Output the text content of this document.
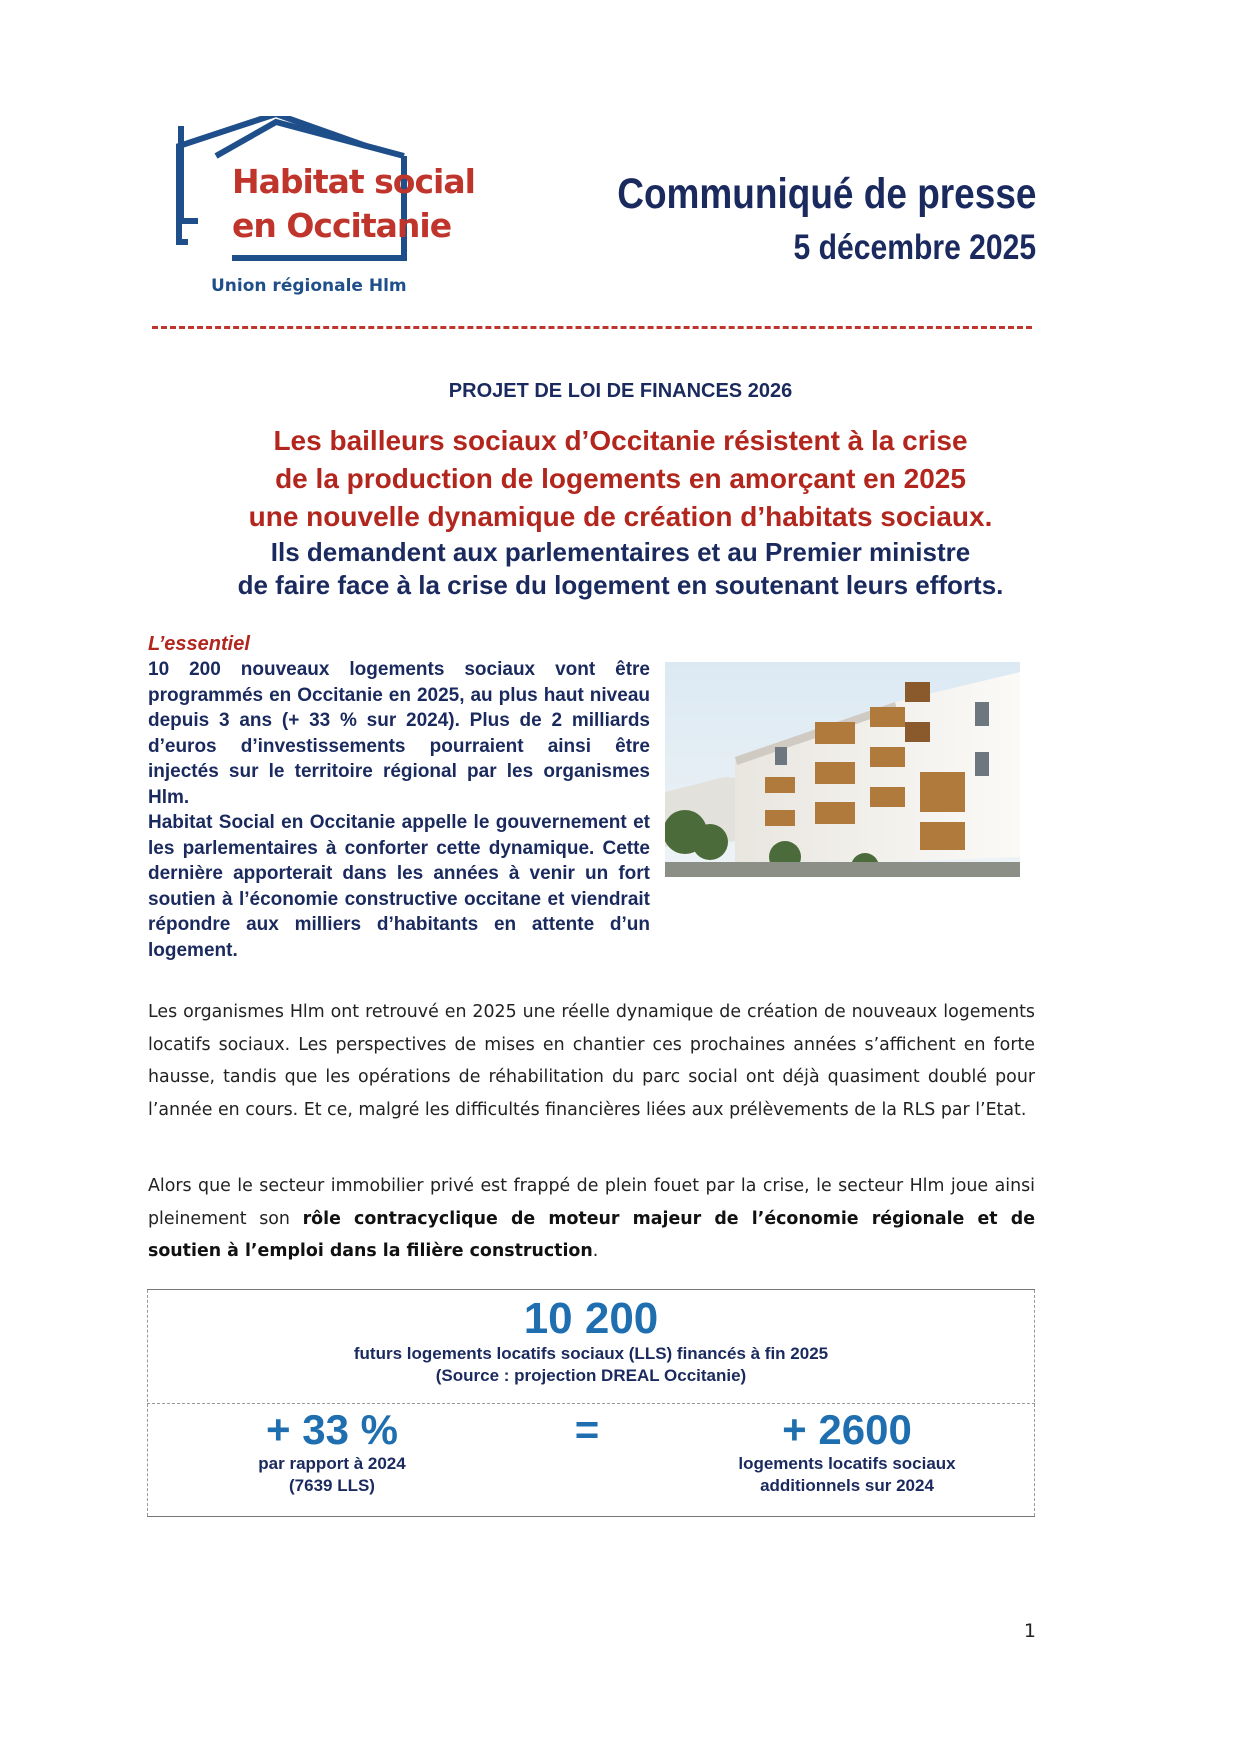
Habitat social
en Occitanie
Union régionale Hlm
Communiqué de presse
5 décembre 2025
PROJET DE LOI DE FINANCES 2026
Les bailleurs sociaux d’Occitanie résistent à la crise
de la production de logements en amorçant en 2025
une nouvelle dynamique de création d’habitats sociaux.
Ils demandent aux parlementaires et au Premier ministre
de faire face à la crise du logement en soutenant leurs efforts.
L’essentiel

10 200 nouveaux logements sociaux vont être programmés en Occitanie en 2025, au plus haut niveau depuis 3 ans (+ 33 % sur 2024). Plus de 2 milliards d’euros d’investissements pourraient ainsi être injectés sur le territoire régional par les organismes Hlm.

Habitat Social en Occitanie appelle le gouvernement et les parlementaires à conforter cette dynamique. Cette dernière apporterait dans les années à venir un fort soutien à l’économie constructive occitane et viendrait répondre aux milliers d’habitants en attente d’un logement.

Les organismes Hlm ont retrouvé en 2025 une réelle dynamique de création de nouveaux logements locatifs sociaux. Les perspectives de mises en chantier ces prochaines années s’affichent en forte hausse, tandis que les opérations de réhabilitation du parc social ont déjà quasiment doublé pour l’année en cours. Et ce, malgré les difficultés financières liées aux prélèvements de la RLS par l’Etat.

Alors que le secteur immobilier privé est frappé de plein fouet par la crise, le secteur Hlm joue ainsi pleinement son rôle contracyclique de moteur majeur de l’économie régionale et de soutien à l’emploi dans la filière construction.

10 200
futurs logements locatifs sociaux (LLS) financés à fin 2025
(Source : projection DREAL Occitanie)
+ 33 %
par rapport à 2024
(7639 LLS)
=	+ 2600
logements locatifs sociaux
additionnels sur 2024
1
